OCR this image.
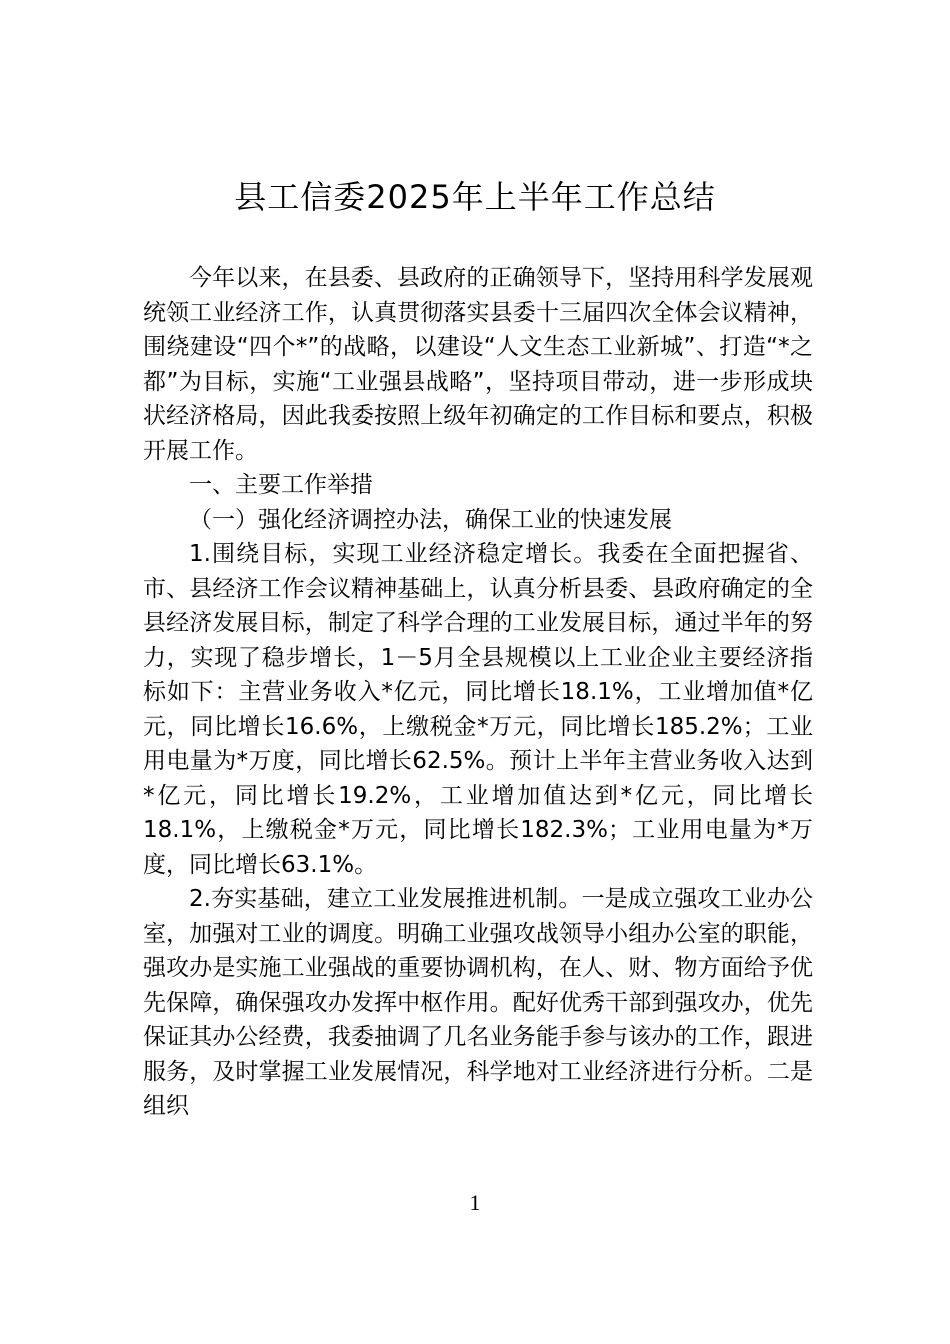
县工信委2025年上半年工作总结

今年以来，在县委、县政府的正确领导下，坚持用科学发展观统领工业经济工作，认真贯彻落实县委十三届四次全体会议精神，围绕建设“四个*”的战略，以建设“人文生态工业新城”、打造“*之都”为目标，实施“工业强县战略”，坚持项目带动，进一步形成块状经济格局，因此我委按照上级年初确定的工作目标和要点，积极开展工作。

一、主要工作举措

（一）强化经济调控办法，确保工业的快速发展

1.围绕目标，实现工业经济稳定增长。我委在全面把握省、市、县经济工作会议精神基础上，认真分析县委、县政府确定的全县经济发展目标，制定了科学合理的工业发展目标，通过半年的努力，实现了稳步增长，1－5月全县规模以上工业企业主要经济指标如下：主营业务收入*亿元，同比增长18.1%，工业增加值*亿元，同比增长16.6%，上缴税金*万元，同比增长185.2%；工业用电量为*万度，同比增长62.5%。预计上半年主营业务收入达到*亿元，同比增长19.2%，工业增加值达到*亿元，同比增长18.1%，上缴税金*万元，同比增长182.3%；工业用电量为*万度，同比增长63.1%。

2.夯实基础，建立工业发展推进机制。一是成立强攻工业办公室，加强对工业的调度。明确工业强攻战领导小组办公室的职能，强攻办是实施工业强战的重要协调机构，在人、财、物方面给予优先保障，确保强攻办发挥中枢作用。配好优秀干部到强攻办，优先保证其办公经费，我委抽调了几名业务能手参与该办的工作，跟进服务，及时掌握工业发展情况，科学地对工业经济进行分析。二是组织

1
